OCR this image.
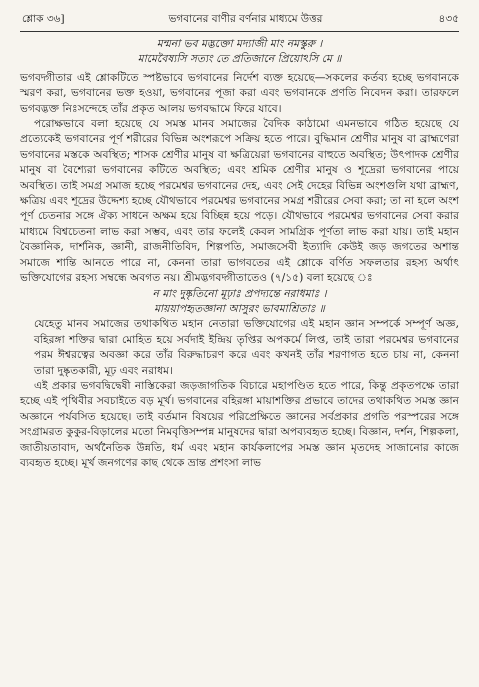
শ্লোক ৩৬]	ভগবানের বাণীর বর্ণনার মাধ্যমে উত্তর	৪৩৫

মন্মনা ভব মদ্ভক্তো মদ্যাজী মাং নমস্কুরু ।

মামেবৈষ্যসি সত্যং তে প্রতিজানে প্রিয়োঽসি মে ॥

ভগবদ্গীতার এই শ্লোকটিতে স্পষ্টভাবে ভগবানের নির্দেশ ব্যক্ত হয়েছে—সকলের কর্তব্য হচ্ছে ভগবানকে স্মরণ করা, ভগবানের ভক্ত হওয়া, ভগবানের পূজা করা এবং ভগবানকে প্রণতি নিবেদন করা। তারফলে ভগবদ্ভক্ত নিঃসন্দেহে তাঁর প্রকৃত আলয় ভগবদ্ধামে ফিরে যাবে।

পরোক্ষভাবে বলা হয়েছে যে সমস্ত মানব সমাজের বৈদিক কাঠামো এমনভাবে গঠিত হয়েছে যে প্রত্যেকেই ভগবানের পূর্ণ শরীরের বিভিন্ন অংশরূপে সক্রিয় হতে পারে। বুদ্ধিমান শ্রেণীর মানুষ বা ব্রাহ্মণেরা ভগবানের মস্তকে অবস্থিত; শাসক শ্রেণীর মানুষ বা ক্ষত্রিয়েরা ভগবানের বাহুতে অবস্থিত; উৎপাদক শ্রেণীর মানুষ বা বৈশ্যেরা ভগবানের কটিতে অবস্থিত; এবং শ্রমিক শ্রেণীর মানুষ ও শূদ্রেরা ভগবানের পায়ে অবস্থিত। তাই সমগ্র সমাজ হচ্ছে পরমেশ্বর ভগবানের দেহ, এবং সেই দেহের বিভিন্ন অংশগুলি যথা ব্রাহ্মণ, ক্ষত্রিয় এবং শূদ্রের উদ্দেশ্য হচ্ছে যৌথভাবে পরমেশ্বর ভগবানের সমগ্র শরীরের সেবা করা; তা না হলে অংশ পূর্ণ চেতনার সঙ্গে ঐক্য সাধনে অক্ষম হয়ে বিচ্ছিন্ন হয়ে পড়ে। যৌথভাবে পরমেশ্বর ভগবানের সেবা করার মাধ্যমে বিশ্বচেতনা লাভ করা সম্ভব, এবং তার ফলেই কেবল সামগ্রিক পূর্ণতা লাভ করা যায়। তাই মহান বৈজ্ঞানিক, দার্শনিক, জ্ঞানী, রাজনীতিবিদ, শিল্পপতি, সমাজসেবী ইত্যাদি কেউই জড় জগতের অশান্ত সমাজে শান্তি আনতে পারে না, কেননা তারা ভাগবতের এই শ্লোকে বর্ণিত সফলতার রহস্য অর্থাৎ ভক্তিযোগের রহস্য সম্বন্ধে অবগত নয়। শ্রীমদ্ভগবদ্গীতাতেও (৭/১৫) বলা হয়েছে ঃ

ন মাং দুষ্কৃতিনো মূঢ়াঃ প্রপদ্যন্তে নরাধমাঃ ।

মায়য়াপহৃতজ্ঞানা আসুরং ভাবমাশ্রিতাঃ ॥

যেহেতু মানব সমাজের তথাকথিত মহান নেতারা ভক্তিযোগের এই মহান জ্ঞান সম্পর্কে সম্পূর্ণ অজ্ঞ, বহিরঙ্গা শক্তির দ্বারা মোহিত হয়ে সর্বদাই ইন্দ্রিয় তৃপ্তির অপকর্মে লিপ্ত, তাই তারা পরমেশ্বর ভগবানের পরম ঈশ্বরত্বের অবজ্ঞা করে তাঁর বিরুদ্ধাচরণ করে এবং কখনই তাঁর শরণাগত হতে চায় না, কেননা তারা দুষ্কৃতকারী, মূঢ় এবং নরাধম।

এই প্রকার ভগবদ্বিদ্বেষী নাস্তিকেরা জড়জাগতিক বিচারে মহাপণ্ডিত হতে পারে, কিন্তু প্রকৃতপক্ষে তারা হচ্ছে এই পৃথিবীর সবচাইতে বড় মূর্খ। ভগবানের বহিরঙ্গা মায়াশক্তির প্রভাবে তাদের তথাকথিত সমস্ত জ্ঞান অজ্ঞানে পর্যবসিত হয়েছে। তাই বর্তমান বিষয়ের পরিপ্রেক্ষিতে জ্ঞানের সর্বপ্রকার প্রগতি পরস্পরের সঙ্গে সংগ্রামরত কুকুর-বিড়ালের মতো নিমবৃত্তিসম্পন্ন মানুষদের দ্বারা অপব্যবহৃত হচ্ছে। বিজ্ঞান, দর্শন, শিল্পকলা, জাতীয়তাবাদ, অর্থনৈতিক উন্নতি, ধর্ম এবং মহান কার্যকলাপের সমস্ত জ্ঞান মৃতদেহ সাজানোর কাজে ব্যবহৃত হচ্ছে। মূর্খ জনগণের কাছ থেকে ভ্রান্ত প্রশংসা লাভ
